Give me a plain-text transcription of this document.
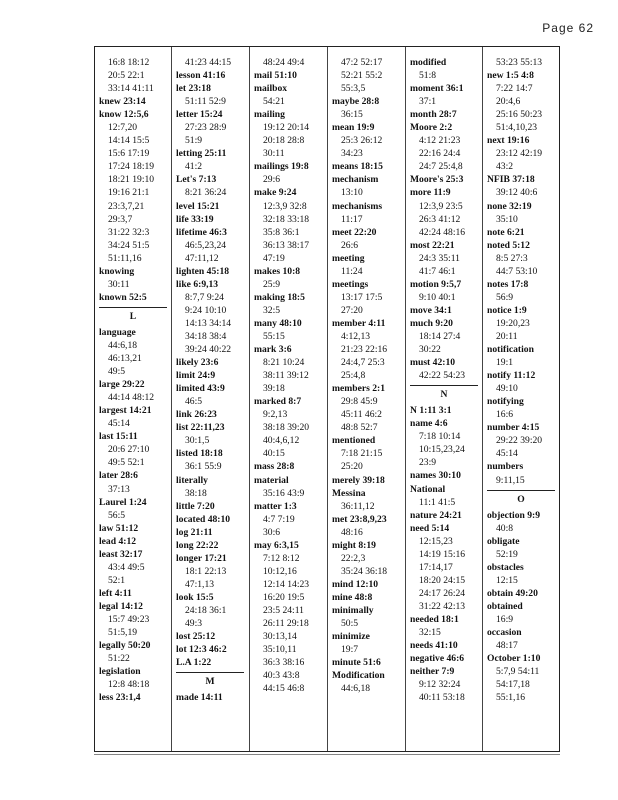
Page 62
16:8 18:12
20:5 22:1
33:14 41:11
knew 23:14
know 12:5,6
12:7,20
14:14 15:5
15:6 17:19
17:24 18:19
18:21 19:10
19:16 21:1
23:3,7,21
29:3,7
31:22 32:3
34:24 51:5
51:11,16
knowing
30:11
known 52:5
L
language
44:6,18
46:13,21
49:5
large 29:22
44:14 48:12
largest 14:21
45:14
last 15:11
20:6 27:10
49:5 52:1
later 28:6
37:13
Laurel 1:24
56:5
law 51:12
lead 4:12
least 32:17
43:4 49:5
52:1
left 4:11
legal 14:12
15:7 49:23
51:5,19
legally 50:20
51:22
legislation
12:8 48:18
less 23:1,4
41:23 44:15
lesson 41:16
let 23:18
51:11 52:9
letter 15:24
27:23 28:9
51:9
letting 25:11
41:2
Let's 7:13
8:21 36:24
level 15:21
life 33:19
lifetime 46:3
46:5,23,24
47:11,12
lighten 45:18
like 6:9,13
8:7,7 9:24
9:24 10:10
14:13 34:14
34:18 38:4
39:24 40:22
likely 23:6
limit 24:9
limited 43:9
46:5
link 26:23
list 22:11,23
30:1,5
listed 18:18
36:1 55:9
literally
38:18
little 7:20
located 48:10
log 21:11
long 22:22
longer 17:21
18:1 22:13
47:1,13
look 15:5
24:18 36:1
49:3
lost 25:12
lot 12:3 46:2
L.A 1:22
M
made 14:11
48:24 49:4
mail 51:10
mailbox
54:21
mailing
19:12 20:14
20:18 28:8
30:11
mailings 19:8
29:6
make 9:24
12:3,9 32:8
32:18 33:18
35:8 36:1
36:13 38:17
47:19
makes 10:8
25:9
making 18:5
32:5
many 48:10
55:15
mark 3:6
8:21 10:24
38:11 39:12
39:18
marked 8:7
9:2,13
38:18 39:20
40:4,6,12
40:15
mass 28:8
material
35:16 43:9
matter 1:3
4:7 7:19
30:6
may 6:3,15
7:12 8:12
10:12,16
12:14 14:23
16:20 19:5
23:5 24:11
26:11 29:18
30:13,14
35:10,11
36:3 38:16
40:3 43:8
44:15 46:8
47:2 52:17
52:21 55:2
55:3,5
maybe 28:8
36:15
mean 19:9
25:3 26:12
34:23
means 18:15
mechanism
13:10
mechanisms
11:17
meet 22:20
26:6
meeting
11:24
meetings
13:17 17:5
27:20
member 4:11
4:12,13
21:23 22:16
24:4,7 25:3
25:4,8
members 2:1
29:8 45:9
45:11 46:2
48:8 52:7
mentioned
7:18 21:15
25:20
merely 39:18
Messina
36:11,12
met 23:8,9,23
48:16
might 8:19
22:2,3
35:24 36:18
mind 12:10
mine 48:8
minimally
50:5
minimize
19:7
minute 51:6
Modification
44:6,18
modified
51:8
moment 36:1
37:1
month 28:7
Moore 2:2
4:12 21:23
22:16 24:4
24:7 25:4,8
Moore's 25:3
more 11:9
12:3,9 23:5
26:3 41:12
42:24 48:16
most 22:21
24:3 35:11
41:7 46:1
motion 9:5,7
9:10 40:1
move 34:1
much 9:20
18:14 27:4
30:22
must 42:10
42:22 54:23
N
N 1:11 3:1
name 4:6
7:18 10:14
10:15,23,24
23:9
names 30:10
National
11:1 41:5
nature 24:21
need 5:14
12:15,23
14:19 15:16
17:14,17
18:20 24:15
24:17 26:24
31:22 42:13
needed 18:1
32:15
needs 41:10
negative 46:6
neither 7:9
9:12 32:24
40:11 53:18
53:23 55:13
new 1:5 4:8
7:22 14:7
20:4,6
25:16 50:23
51:4,10,23
next 19:16
23:12 42:19
43:2
NFIB 37:18
39:12 40:6
none 32:19
35:10
note 6:21
noted 5:12
8:5 27:3
44:7 53:10
notes 17:8
56:9
notice 1:9
19:20,23
20:11
notification
19:1
notify 11:12
49:10
notifying
16:6
number 4:15
29:22 39:20
45:14
numbers
9:11,15
O
objection 9:9
40:8
obligate
52:19
obstacles
12:15
obtain 49:20
obtained
16:9
occasion
48:17
October 1:10
5:7,9 54:11
54:17,18
55:1,16
